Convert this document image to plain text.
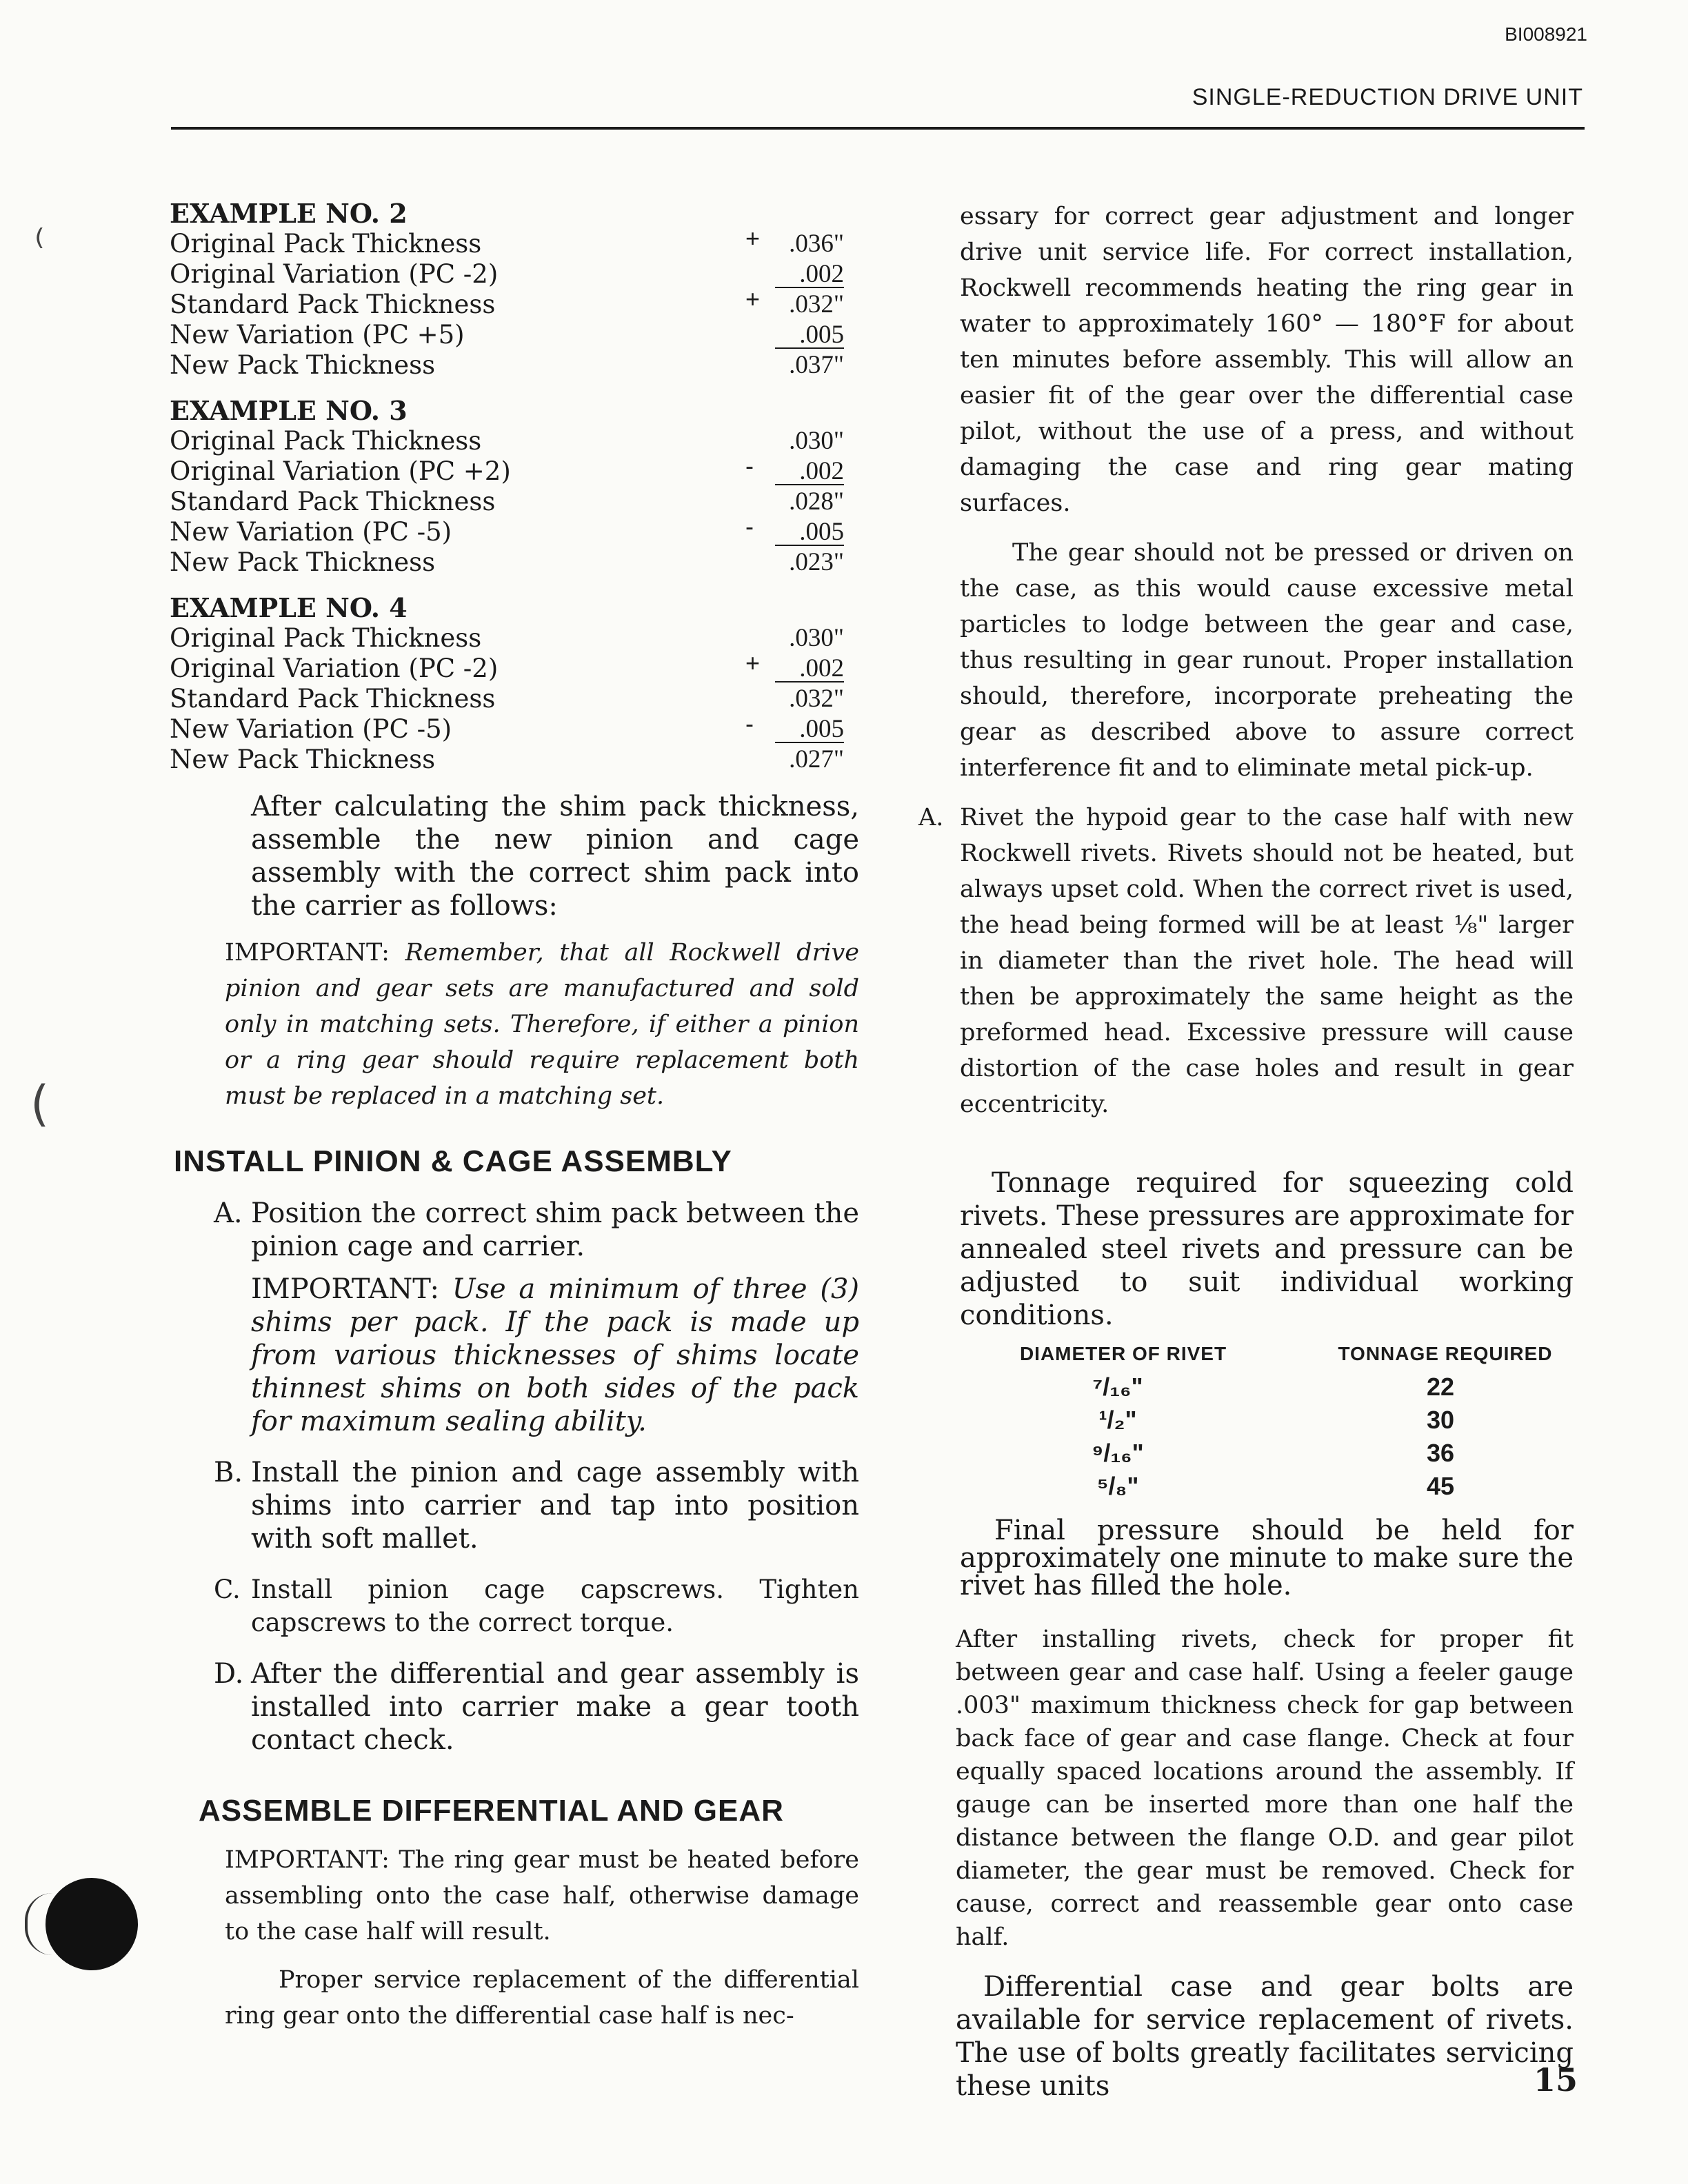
BI008921
SINGLE-REDUCTION DRIVE UNIT
EXAMPLE NO. 2
Original Pack Thickness	+	.036"
Original Variation (PC -2)	.002
Standard Pack Thickness	+	.032"
New Variation (PC +5)	.005
New Pack Thickness	.037"
EXAMPLE NO. 3
Original Pack Thickness	.030"
Original Variation (PC +2)	-	.002
Standard Pack Thickness	.028"
New Variation (PC -5)	-	.005
New Pack Thickness	.023"
EXAMPLE NO. 4
Original Pack Thickness	.030"
Original Variation (PC -2)	+	.002
Standard Pack Thickness	.032"
New Variation (PC -5)	-	.005
New Pack Thickness	.027"

After calculating the shim pack thickness, assemble the new pinion and cage assembly with the correct shim pack into the carrier as follows:

IMPORTANT: Remember, that all Rockwell drive pinion and gear sets are manufactured and sold only in matching sets. Therefore, if either a pinion or a ring gear should require replacement both must be replaced in a matching set.

INSTALL PINION & CAGE ASSEMBLY
A. Position the correct shim pack between the pinion cage and carrier.

IMPORTANT: Use a minimum of three (3) shims per pack. If the pack is made up from various thicknesses of shims locate thinnest shims on both sides of the pack for maximum sealing ability.

B. Install the pinion and cage assembly with shims into carrier and tap into position with soft mallet.
C. Install pinion cage capscrews. Tighten capscrews to the correct torque.
D. After the differential and gear assembly is installed into carrier make a gear tooth contact check.
ASSEMBLE DIFFERENTIAL AND GEAR

IMPORTANT: The ring gear must be heated before assembling onto the case half, otherwise damage to the case half will result.

Proper service replacement of the differential ring gear onto the differential case half is nec-

essary for correct gear adjustment and longer drive unit service life. For correct installation, Rockwell recommends heating the ring gear in water to approximately 160° — 180°F for about ten minutes before assembly. This will allow an easier fit of the gear over the differential case pilot, without the use of a press, and without damaging the case and ring gear mating surfaces.

The gear should not be pressed or driven on the case, as this would cause excessive metal particles to lodge between the gear and case, thus resulting in gear runout. Proper installation should, therefore, incorporate preheating the gear as described above to assure correct interference fit and to eliminate metal pick-up.

A. Rivet the hypoid gear to the case half with new Rockwell rivets. Rivets should not be heated, but always upset cold. When the correct rivet is used, the head being formed will be at least ⅛" larger in diameter than the rivet hole. The head will then be approximately the same height as the preformed head. Excessive pressure will cause distortion of the case holes and result in gear eccentricity.

Tonnage required for squeezing cold rivets. These pressures are approximate for annealed steel rivets and pressure can be adjusted to suit individual working conditions.

DIAMETER OF RIVET	TONNAGE REQUIRED
⁷/₁₆"	22
¹/₂"	30
⁹/₁₆"	36
⁵/₈"	45

Final pressure should be held for approximately one minute to make sure the rivet has filled the hole.

After installing rivets, check for proper fit between gear and case half. Using a feeler gauge .003" maximum thickness check for gap between back face of gear and case flange. Check at four equally spaced locations around the assembly. If gauge can be inserted more than one half the distance between the flange O.D. and gear pilot diameter, the gear must be removed. Check for cause, correct and reassemble gear onto case half.

Differential case and gear bolts are available for service replacement of rivets. The use of bolts greatly facilitates servicing these units	15
⁽
(
